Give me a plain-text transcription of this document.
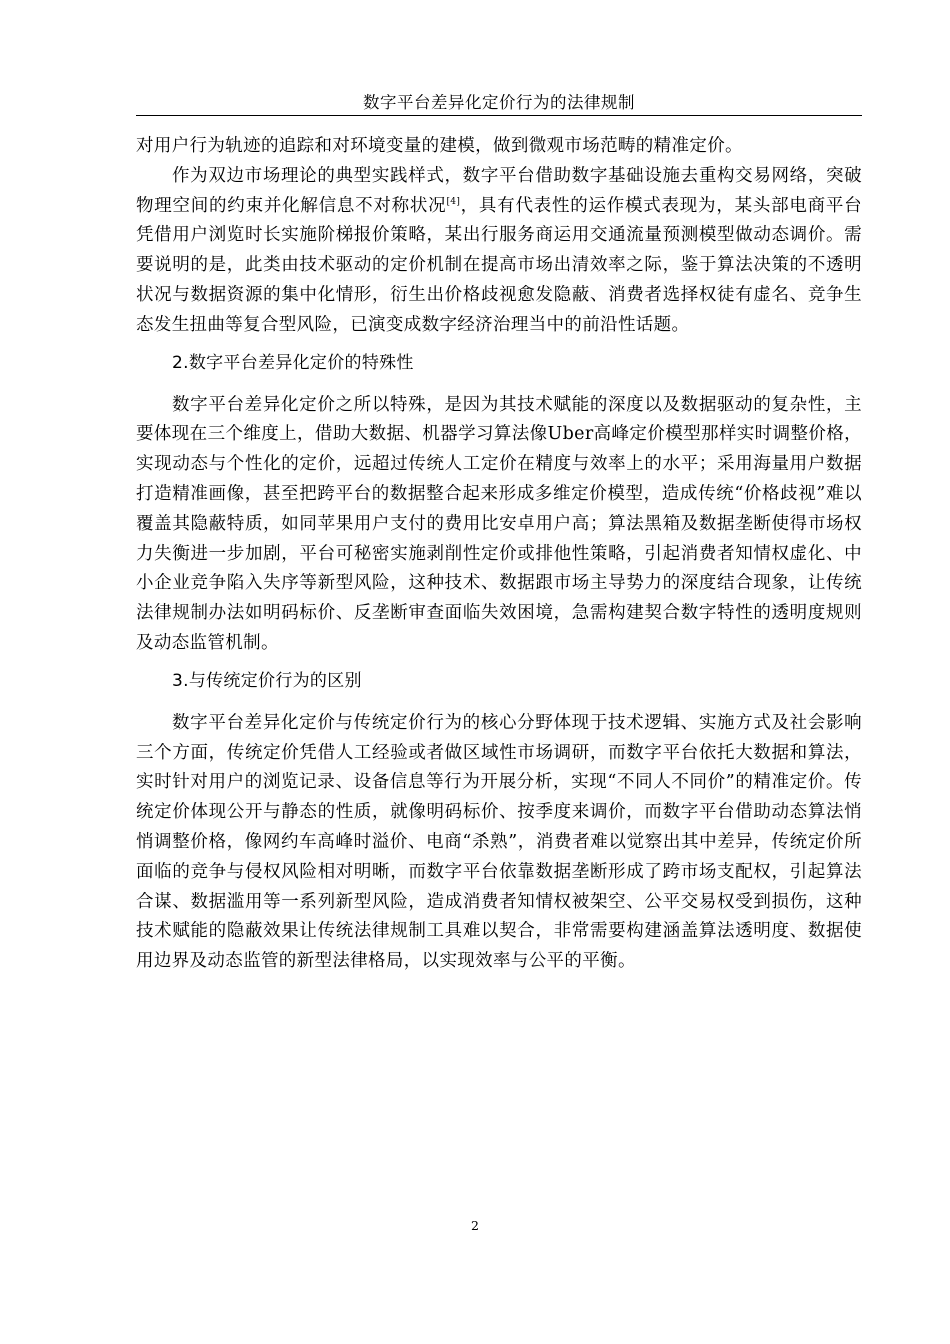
数字平台差异化定价行为的法律规制

对用户行为轨迹的追踪和对环境变量的建模，做到微观市场范畴的精准定价。

作为双边市场理论的典型实践样式，数字平台借助数字基础设施去重构交易网络，突破物理空间的约束并化解信息不对称状况[4]，具有代表性的运作模式表现为，某头部电商平台凭借用户浏览时长实施阶梯报价策略，某出行服务商运用交通流量预测模型做动态调价。需要说明的是，此类由技术驱动的定价机制在提高市场出清效率之际，鉴于算法决策的不透明状况与数据资源的集中化情形，衍生出价格歧视愈发隐蔽、消费者选择权徒有虚名、竞争生态发生扭曲等复合型风险，已演变成数字经济治理当中的前沿性话题。

2.数字平台差异化定价的特殊性

数字平台差异化定价之所以特殊，是因为其技术赋能的深度以及数据驱动的复杂性，主要体现在三个维度上，借助大数据、机器学习算法像Uber高峰定价模型那样实时调整价格，实现动态与个性化的定价，远超过传统人工定价在精度与效率上的水平；采用海量用户数据打造精准画像，甚至把跨平台的数据整合起来形成多维定价模型，造成传统“价格歧视”难以覆盖其隐蔽特质，如同苹果用户支付的费用比安卓用户高；算法黑箱及数据垄断使得市场权力失衡进一步加剧，平台可秘密实施剥削性定价或排他性策略，引起消费者知情权虚化、中小企业竞争陷入失序等新型风险，这种技术、数据跟市场主导势力的深度结合现象，让传统法律规制办法如明码标价、反垄断审查面临失效困境，急需构建契合数字特性的透明度规则及动态监管机制。

3.与传统定价行为的区别

数字平台差异化定价与传统定价行为的核心分野体现于技术逻辑、实施方式及社会影响三个方面，传统定价凭借人工经验或者做区域性市场调研，而数字平台依托大数据和算法，实时针对用户的浏览记录、设备信息等行为开展分析，实现“不同人不同价”的精准定价。传统定价体现公开与静态的性质，就像明码标价、按季度来调价，而数字平台借助动态算法悄悄调整价格，像网约车高峰时溢价、电商“杀熟”，消费者难以觉察出其中差异，传统定价所面临的竞争与侵权风险相对明晰，而数字平台依靠数据垄断形成了跨市场支配权，引起算法合谋、数据滥用等一系列新型风险，造成消费者知情权被架空、公平交易权受到损伤，这种技术赋能的隐蔽效果让传统法律规制工具难以契合，非常需要构建涵盖算法透明度、数据使用边界及动态监管的新型法律格局，以实现效率与公平的平衡。

2
